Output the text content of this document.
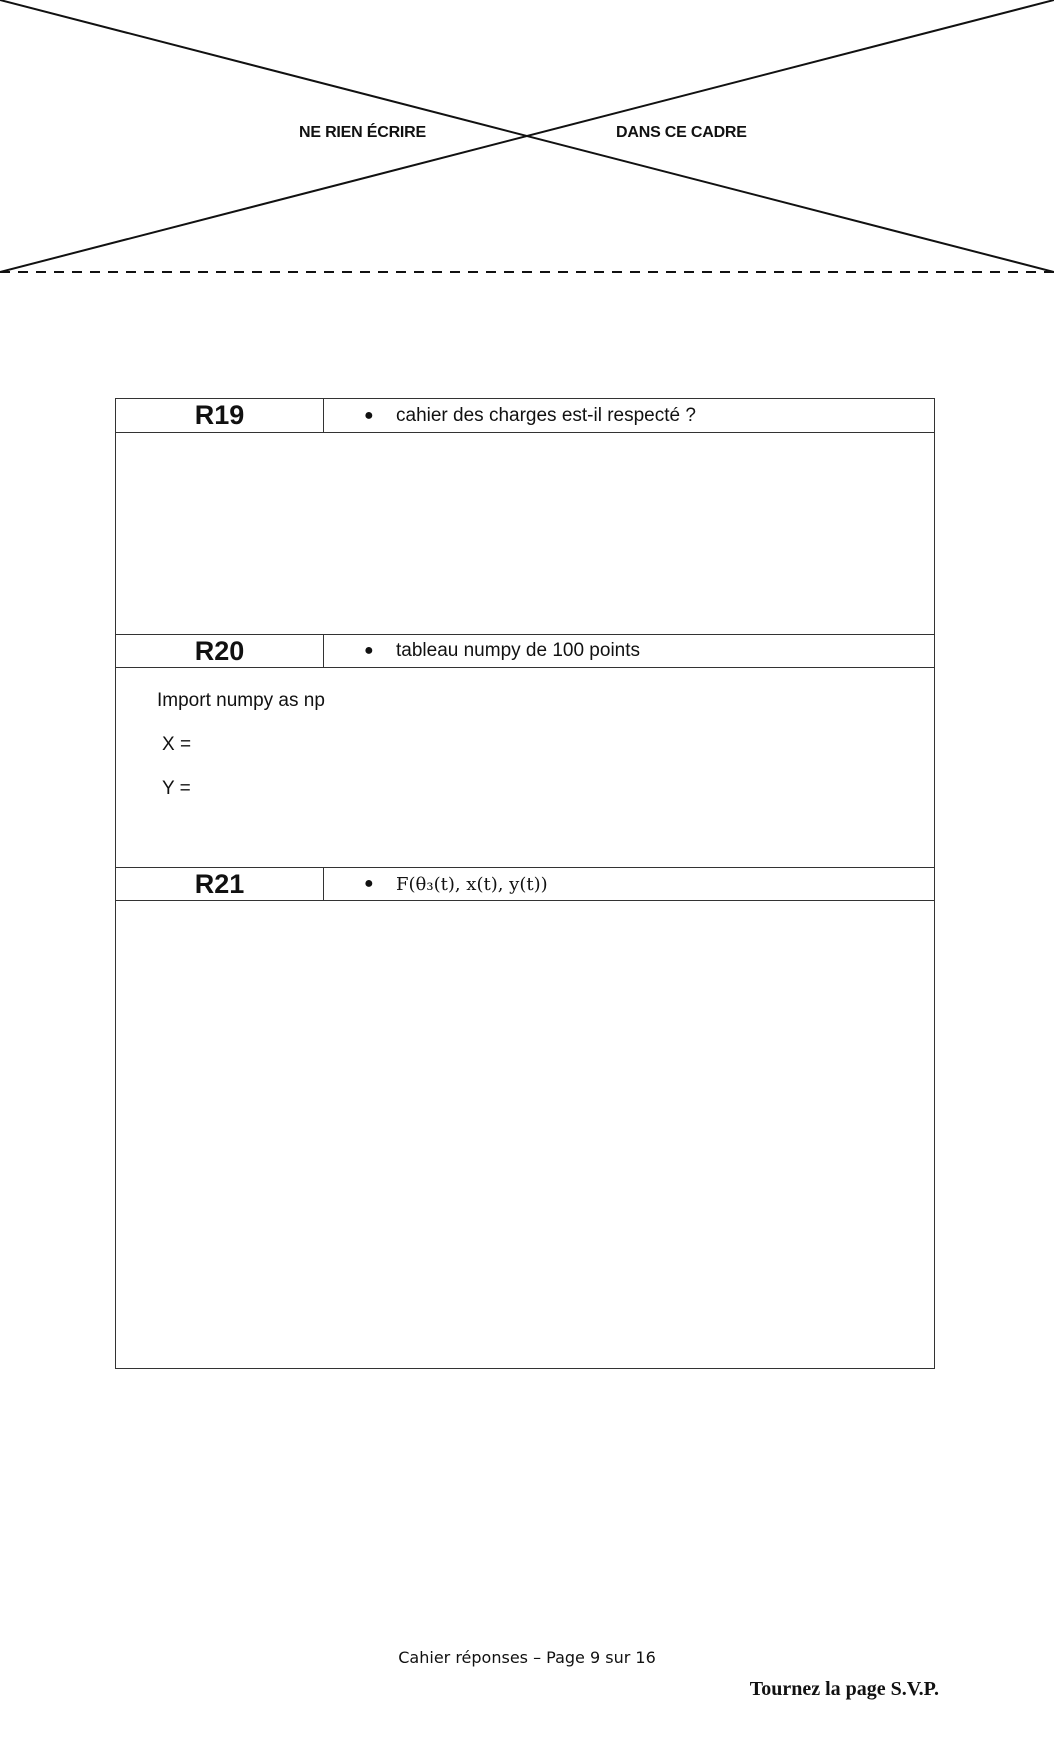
NE RIEN ÉCRIRE	DANS CE CADRE
R19	●	cahier des charges est-il respecté ?
R20	●	tableau numpy de 100 points
Import numpy as np
X =
Y =
R21	●	F(θ₃(t), x(t), y(t))
Cahier réponses – Page 9 sur 16
Tournez la page S.V.P.
